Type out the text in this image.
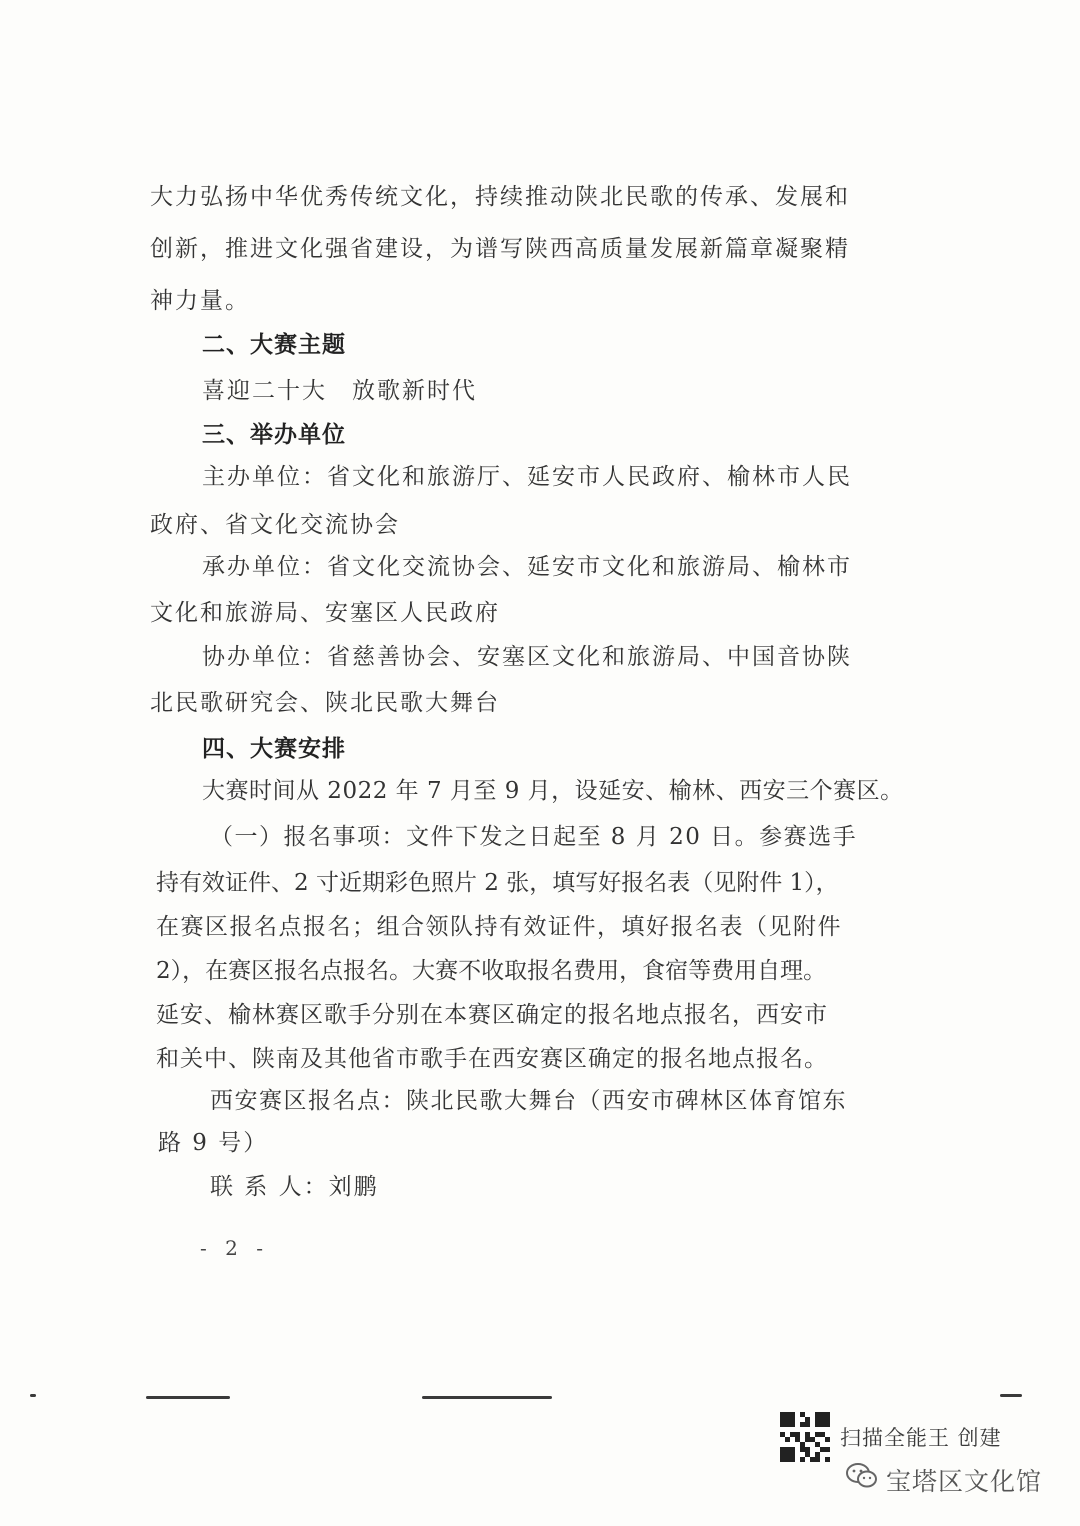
大力弘扬中华优秀传统文化，持续推动陕北民歌的传承、发展和
创新，推进文化强省建设，为谱写陕西高质量发展新篇章凝聚精
神力量。
二、大赛主题
喜迎二十大　放歌新时代
三、举办单位
主办单位：省文化和旅游厅、延安市人民政府、榆林市人民
政府、省文化交流协会
承办单位：省文化交流协会、延安市文化和旅游局、榆林市
文化和旅游局、安塞区人民政府
协办单位：省慈善协会、安塞区文化和旅游局、中国音协陕
北民歌研究会、陕北民歌大舞台
四、大赛安排
大赛时间从 2022 年 7 月至 9 月，设延安、榆林、西安三个赛区。
（一）报名事项：文件下发之日起至 8 月 20 日。参赛选手
持有效证件、2 寸近期彩色照片 2 张，填写好报名表（见附件 1），
在赛区报名点报名；组合领队持有效证件，填好报名表（见附件
2），在赛区报名点报名。大赛不收取报名费用，食宿等费用自理。
延安、榆林赛区歌手分别在本赛区确定的报名地点报名，西安市
和关中、陕南及其他省市歌手在西安赛区确定的报名地点报名。
西安赛区报名点：陕北民歌大舞台（西安市碑林区体育馆东
路 9 号）
联 系 人：刘鹏
- 2 -
扫描全能王 创建
宝塔区文化馆
